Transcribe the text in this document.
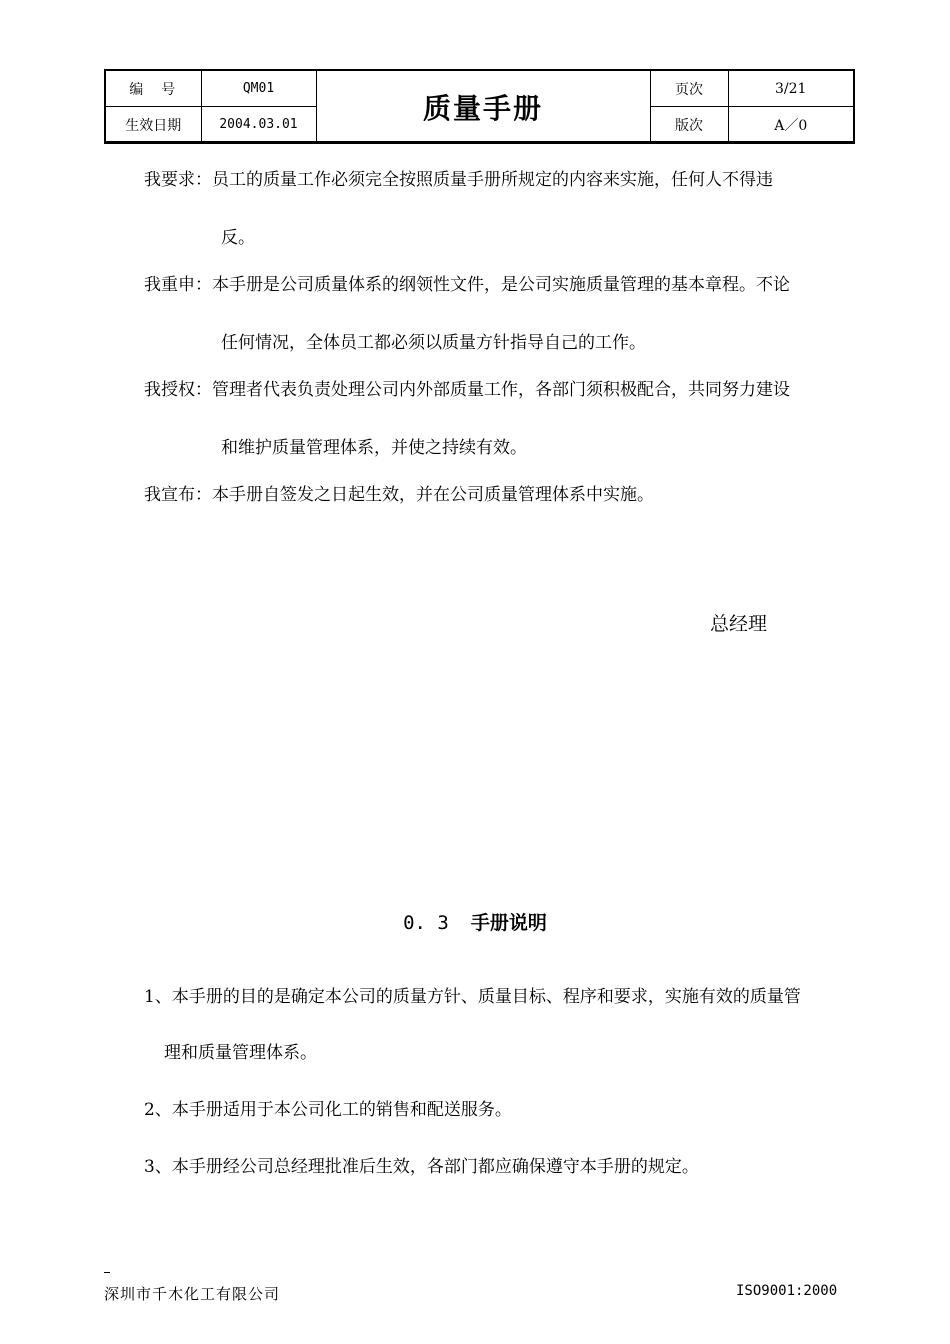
编　号	QM01	质量手册	页次	3/21
生效日期	2004.03.01		版次	A／0
我要求：员工的质量工作必须完全按照质量手册所规定的内容来实施，任何人不得违
反。
我重申：本手册是公司质量体系的纲领性文件，是公司实施质量管理的基本章程。不论
任何情况，全体员工都必须以质量方针指导自己的工作。
我授权：管理者代表负责处理公司内外部质量工作，各部门须积极配合，共同努力建设
和维护质量管理体系，并使之持续有效。
我宣布：本手册自签发之日起生效，并在公司质量管理体系中实施。
总经理
0. 3 手册说明
1、本手册的目的是确定本公司的质量方针、质量目标、程序和要求，实施有效的质量管
理和质量管理体系。
2、本手册适用于本公司化工的销售和配送服务。
3、本手册经公司总经理批准后生效，各部门都应确保遵守本手册的规定。
深圳市千木化工有限公司	ISO9001:2000
